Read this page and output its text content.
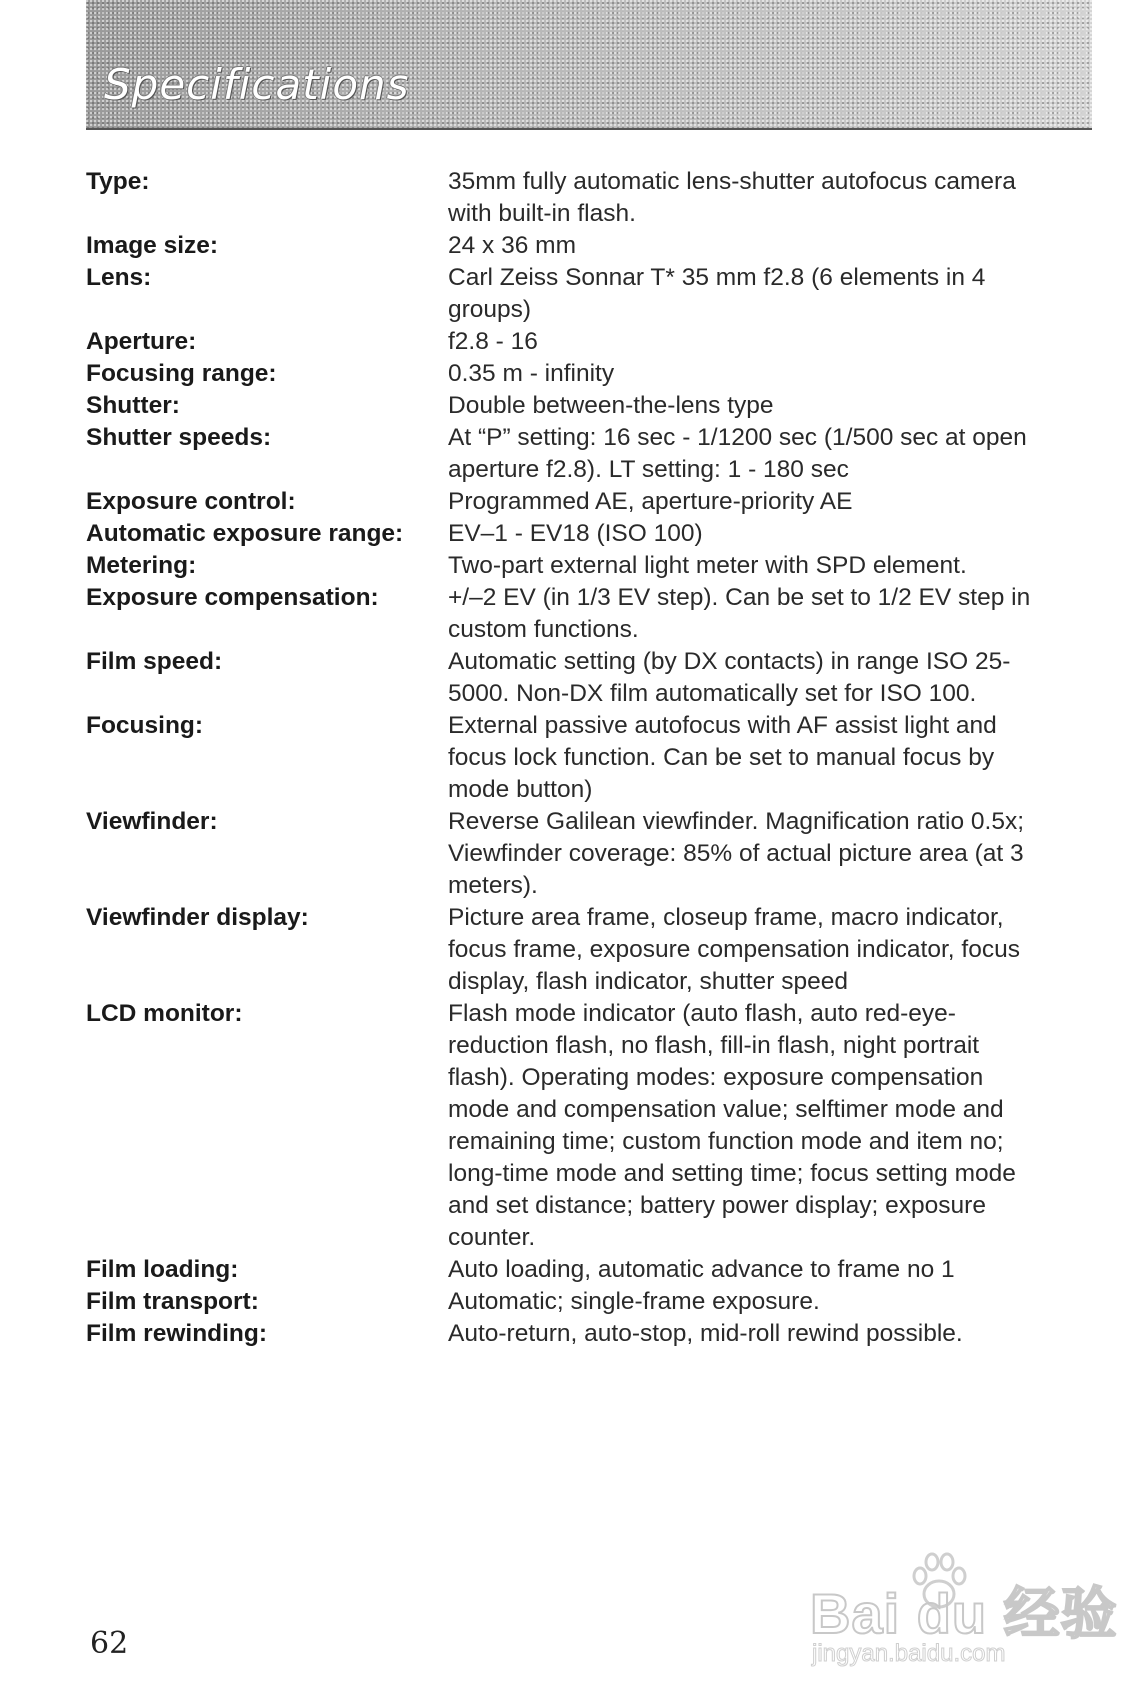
Specifications
Type:	35mm fully automatic lens-shutter autofocus camera with built-in flash.
Image size:	24 x 36 mm
Lens:	Carl Zeiss Sonnar T* 35 mm f2.8 (6 elements in 4 groups)
Aperture:	f2.8 - 16
Focusing range:	0.35 m - infinity
Shutter:	Double between-the-lens type
Shutter speeds:	At “P” setting: 16 sec - 1/1200 sec (1/500 sec at open aperture f2.8). LT setting: 1 - 180 sec
Exposure control:	Programmed AE, aperture-priority AE
Automatic exposure range:	EV–1 - EV18 (ISO 100)
Metering:	Two-part external light meter with SPD element.
Exposure compensation:	+/–2 EV (in 1/3 EV step). Can be set to 1/2 EV step in custom functions.
Film speed:	Automatic setting (by DX contacts) in range ISO 25-5000. Non-DX film automatically set for ISO 100.
Focusing:	External passive autofocus with AF assist light and focus lock function. Can be set to manual focus by mode button)
Viewfinder:	Reverse Galilean viewfinder. Magnification ratio 0.5x; Viewfinder coverage: 85% of actual picture area (at 3 meters).
Viewfinder display:	Picture area frame, closeup frame, macro indicator, focus frame, exposure compensation indicator, focus display, flash indicator, shutter speed
LCD monitor:	Flash mode indicator (auto flash, auto red-eye-reduction flash, no flash, fill-in flash, night portrait flash). Operating modes: exposure compensation mode and compensation value; selftimer mode and remaining time; custom function mode and item no; long-time mode and setting time; focus setting mode and set distance; battery power display; exposure counter.
Film loading:	Auto loading, automatic advance to frame no 1
Film transport:	Automatic; single-frame exposure.
Film rewinding:	Auto-return, auto-stop, mid-roll rewind possible.
62	Bai du 经验
jingyan.baidu.com
